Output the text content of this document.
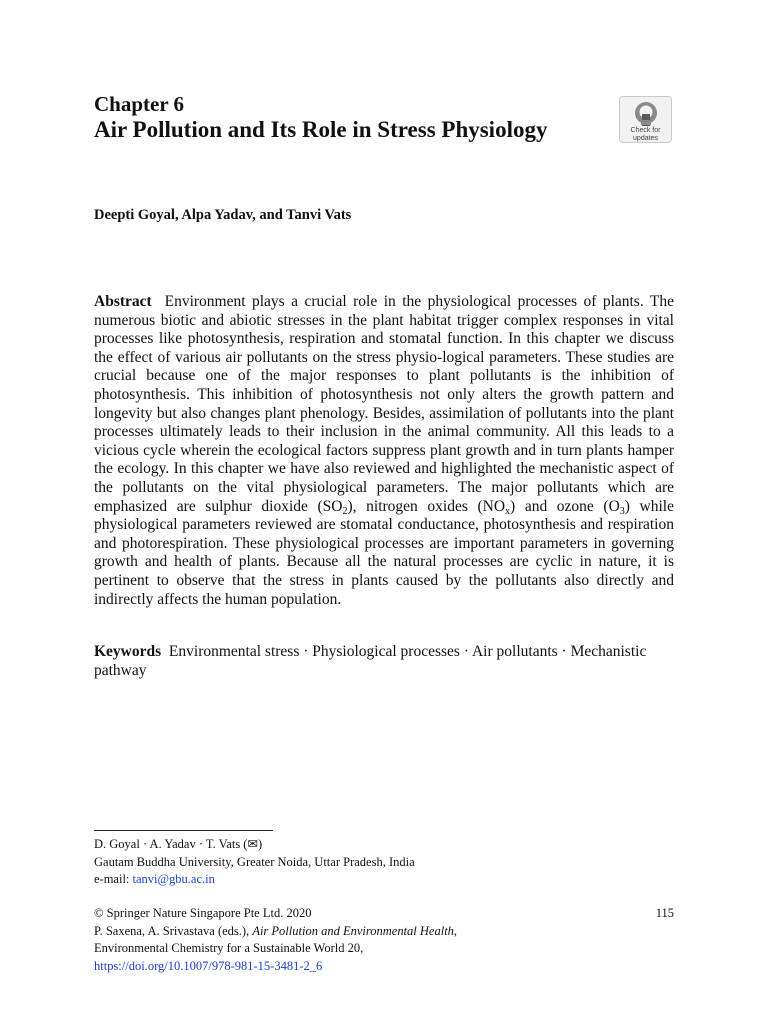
Chapter 6
Air Pollution and Its Role in Stress Physiology	Check for
updates
Deepti Goyal, Alpa Yadav, and Tanvi Vats
Abstract Environment plays a crucial role in the physiological processes of plants. The numerous biotic and abiotic stresses in the plant habitat trigger complex responses in vital processes like photosynthesis, respiration and stomatal function. In this chapter we discuss the effect of various air pollutants on the stress physio-logical parameters. These studies are crucial because one of the major responses to plant pollutants is the inhibition of photosynthesis. This inhibition of photosynthesis not only alters the growth pattern and longevity but also changes plant phenology. Besides, assimilation of pollutants into the plant processes ultimately leads to their inclusion in the animal community. All this leads to a vicious cycle wherein the ecological factors suppress plant growth and in turn plants hamper the ecology. In this chapter we have also reviewed and highlighted the mechanistic aspect of the pollutants on the vital physiological parameters. The major pollutants which are emphasized are sulphur dioxide $(SO_2)$, nitrogen oxides $(NO_x)$ and ozone $(O_3)$ while physiological parameters reviewed are stomatal conductance, photosynthesis and respiration and photorespiration. These physiological processes are important parameters in governing growth and health of plants. Because all the natural processes are cyclic in nature, it is pertinent to observe that the stress in plants caused by the pollutants also directly and indirectly affects the human population.
Keywords Environmental stress · Physiological processes · Air pollutants · Mechanistic pathway
D. Goyal · A. Yadav · T. Vats (✉)
Gautam Buddha University, Greater Noida, Uttar Pradesh, India
e-mail: tanvi@gbu.ac.in
© Springer Nature Singapore Pte Ltd. 2020	115
P. Saxena, A. Srivastava (eds.), Air Pollution and Environmental Health,
Environmental Chemistry for a Sustainable World 20,
https://doi.org/10.1007/978-981-15-3481-2_6
